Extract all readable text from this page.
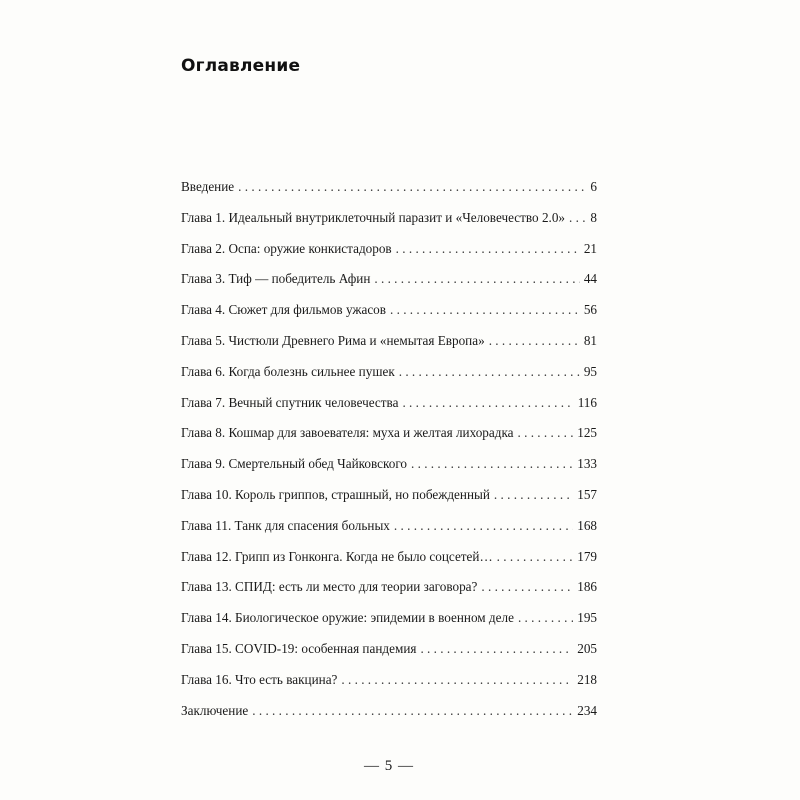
Оглавление
Введение . . .	6
Глава 1. Идеальный внутриклеточный паразит и «Человечество 2.0» . . . 8
Глава 2. Оспа: оружие конкистадоров . . .	21
Глава 3. Тиф — победитель Афин . . .	44
Глава 4. Сюжет для фильмов ужасов . . .	56
Глава 5. Чистюли Древнего Рима и «немытая Европа» . . .	81
Глава 6. Когда болезнь сильнее пушек . . .	95
Глава 7. Вечный спутник человечества . . .	116
Глава 8. Кошмар для завоевателя: муха и желтая лихорадка . . .	125
Глава 9. Смертельный обед Чайковского . . .	133
Глава 10. Король гриппов, страшный, но побежденный . . .	157
Глава 11. Танк для спасения больных . . .	168
Глава 12. Грипп из Гонконга. Когда не было соцсетей… . . .	179
Глава 13. СПИД: есть ли место для теории заговора? . . .	186
Глава 14. Биологическое оружие: эпидемии в военном деле . . .	195
Глава 15. COVID-19: особенная пандемия . . .	205
Глава 16. Что есть вакцина? . . .	218
Заключение . . .	234
— 5 —
